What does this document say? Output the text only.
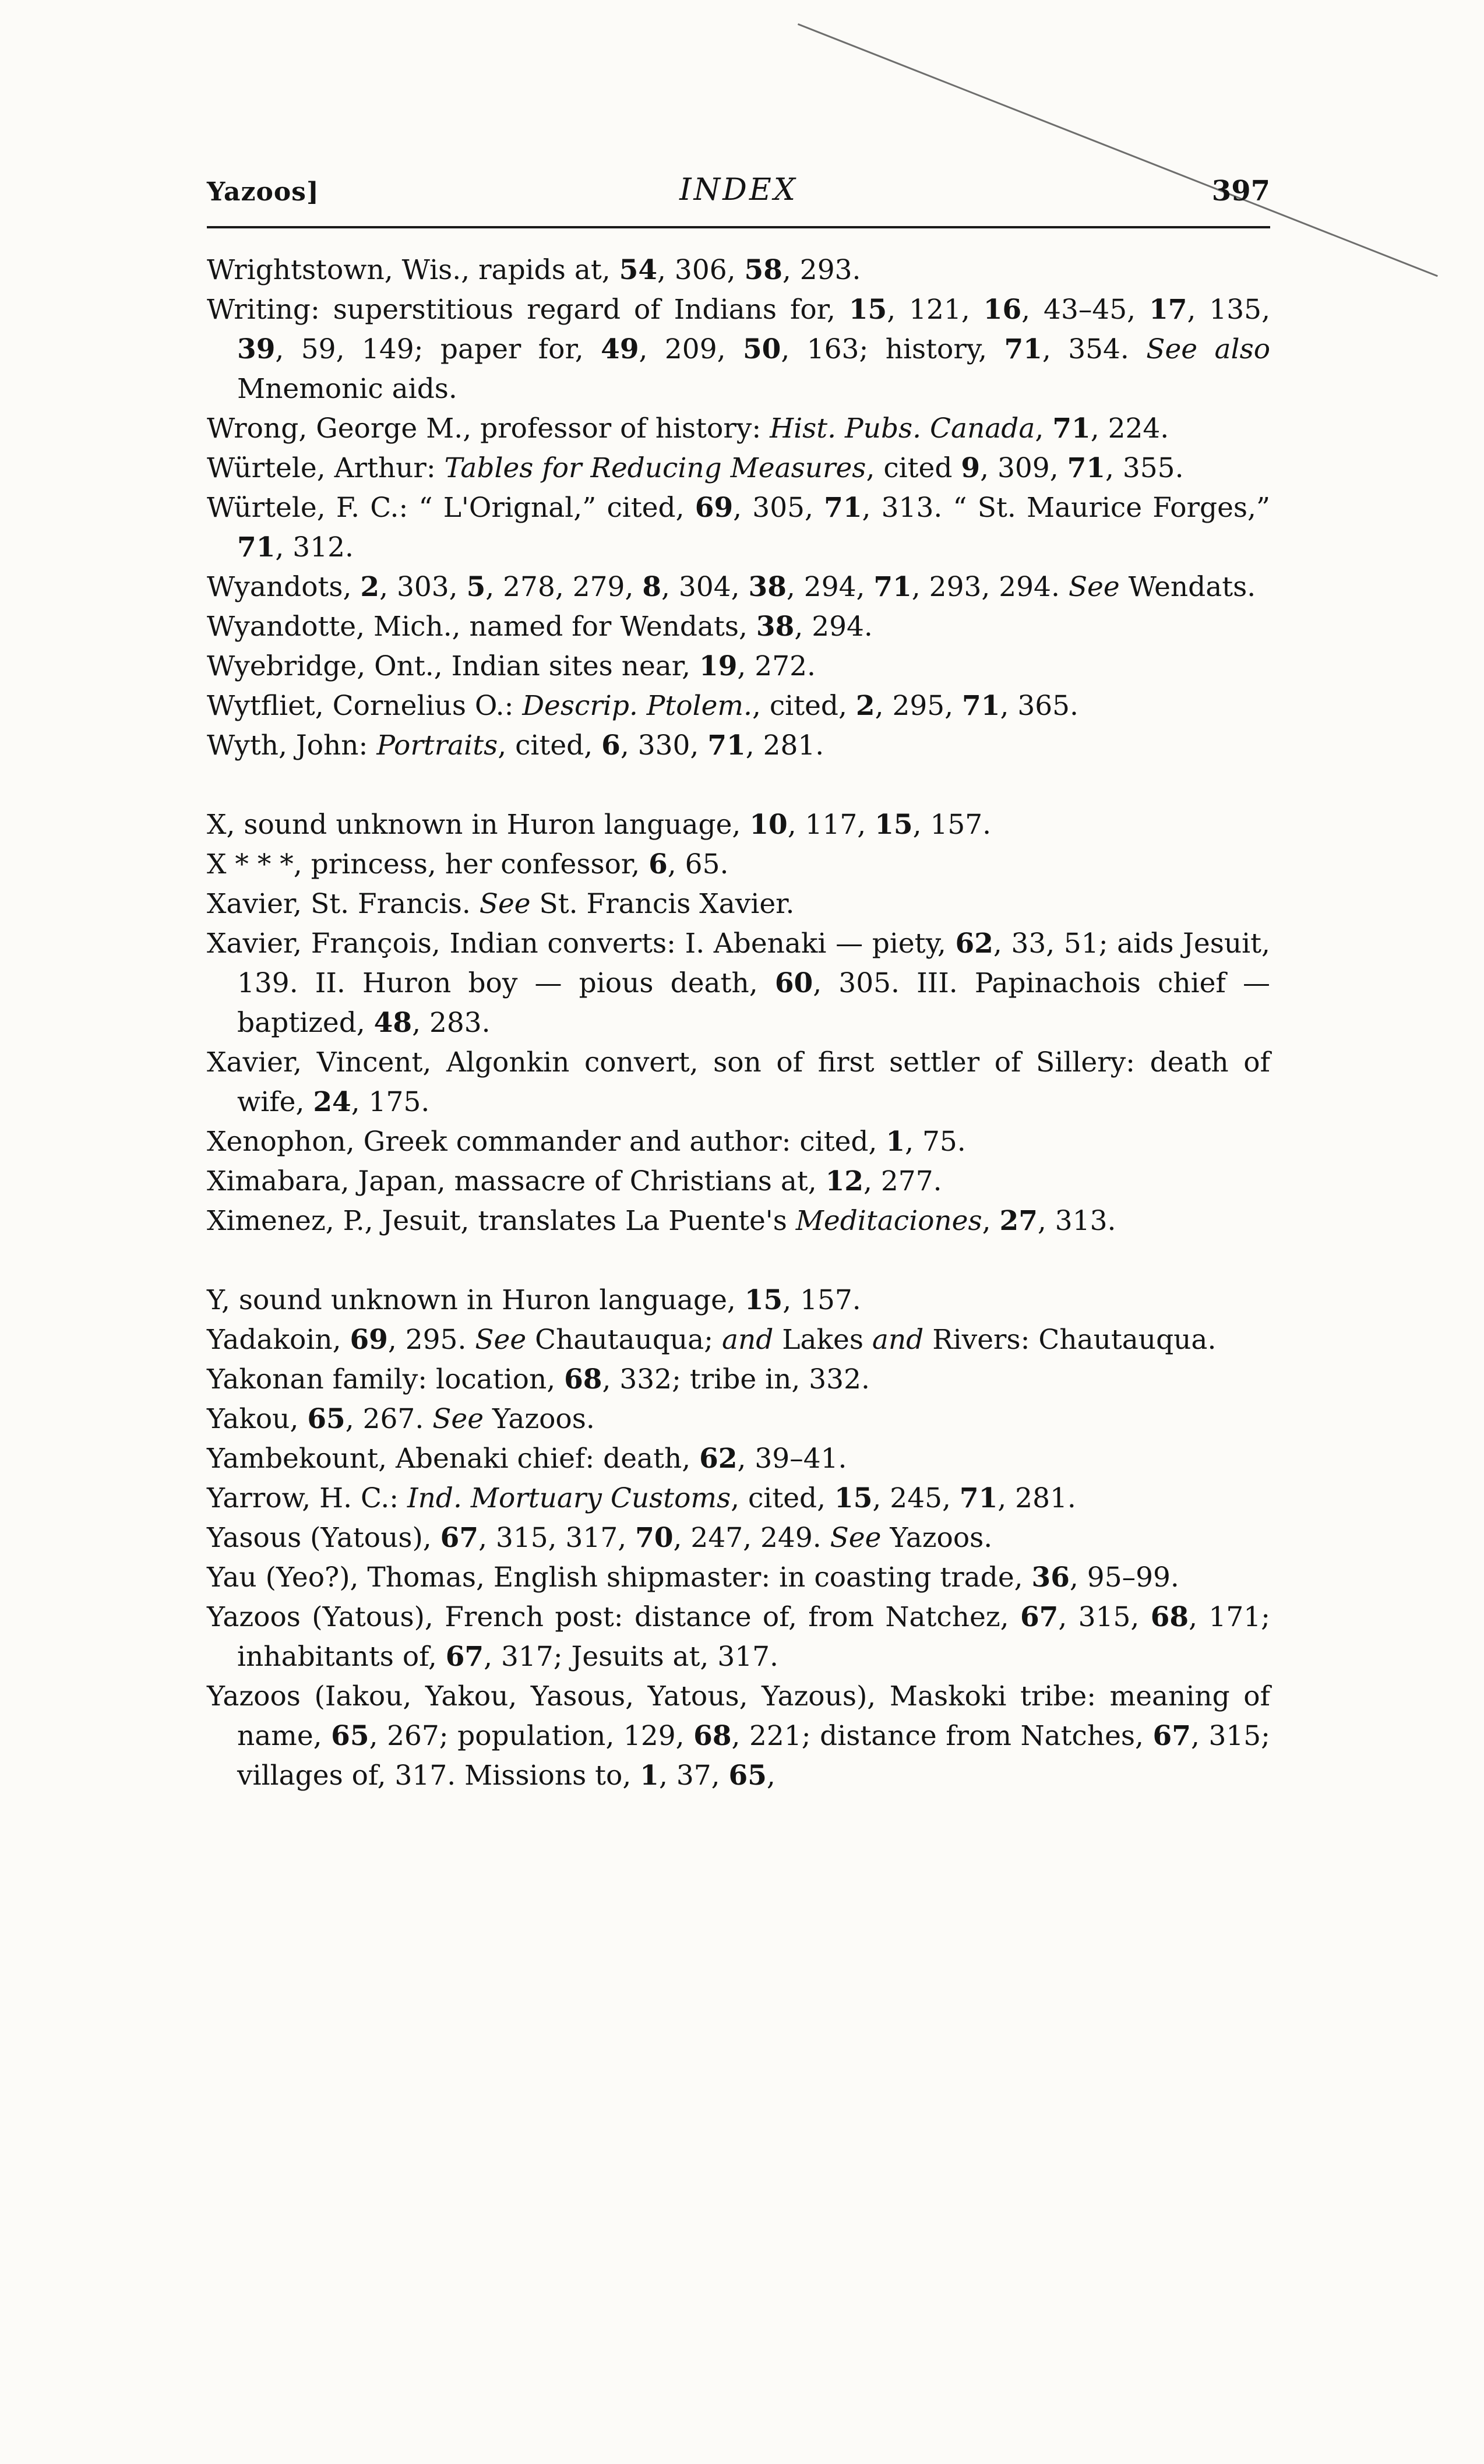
Yazoos]	INDEX	397
Wrightstown, Wis., rapids at, 54, 306, 58, 293.
Writing: superstitious regard of Indians for, 15, 121, 16, 43–45, 17, 135, 39, 59, 149; paper for, 49, 209, 50, 163; history, 71, 354. See also Mnemonic aids.
Wrong, George M., professor of history: Hist. Pubs. Canada, 71, 224.
Würtele, Arthur: Tables for Reducing Measures, cited 9, 309, 71, 355.
Würtele, F. C.: “ L'Orignal,” cited, 69, 305, 71, 313. “ St. Maurice Forges,” 71, 312.
Wyandots, 2, 303, 5, 278, 279, 8, 304, 38, 294, 71, 293, 294. See Wendats.
Wyandotte, Mich., named for Wendats, 38, 294.
Wyebridge, Ont., Indian sites near, 19, 272.
Wytfliet, Cornelius O.: Descrip. Ptolem., cited, 2, 295, 71, 365.
Wyth, John: Portraits, cited, 6, 330, 71, 281.
X, sound unknown in Huron language, 10, 117, 15, 157.
X * * *, princess, her confessor, 6, 65.
Xavier, St. Francis. See St. Francis Xavier.
Xavier, François, Indian converts: I. Abenaki — piety, 62, 33, 51; aids Jesuit, 139. II. Huron boy — pious death, 60, 305. III. Papinachois chief — baptized, 48, 283.
Xavier, Vincent, Algonkin convert, son of first settler of Sillery: death of wife, 24, 175.
Xenophon, Greek commander and author: cited, 1, 75.
Ximabara, Japan, massacre of Christians at, 12, 277.
Ximenez, P., Jesuit, translates La Puente's Meditaciones, 27, 313.
Y, sound unknown in Huron language, 15, 157.
Yadakoin, 69, 295. See Chautauqua; and Lakes and Rivers: Chautauqua.
Yakonan family: location, 68, 332; tribe in, 332.
Yakou, 65, 267. See Yazoos.
Yambekount, Abenaki chief: death, 62, 39–41.
Yarrow, H. C.: Ind. Mortuary Customs, cited, 15, 245, 71, 281.
Yasous (Yatous), 67, 315, 317, 70, 247, 249. See Yazoos.
Yau (Yeo?), Thomas, English shipmaster: in coasting trade, 36, 95–99.
Yazoos (Yatous), French post: distance of, from Natchez, 67, 315, 68, 171; inhabitants of, 67, 317; Jesuits at, 317.
Yazoos (Iakou, Yakou, Yasous, Yatous, Yazous), Maskoki tribe: meaning of name, 65, 267; population, 129, 68, 221; distance from Natches, 67, 315; villages of, 317. Missions to, 1, 37, 65,
